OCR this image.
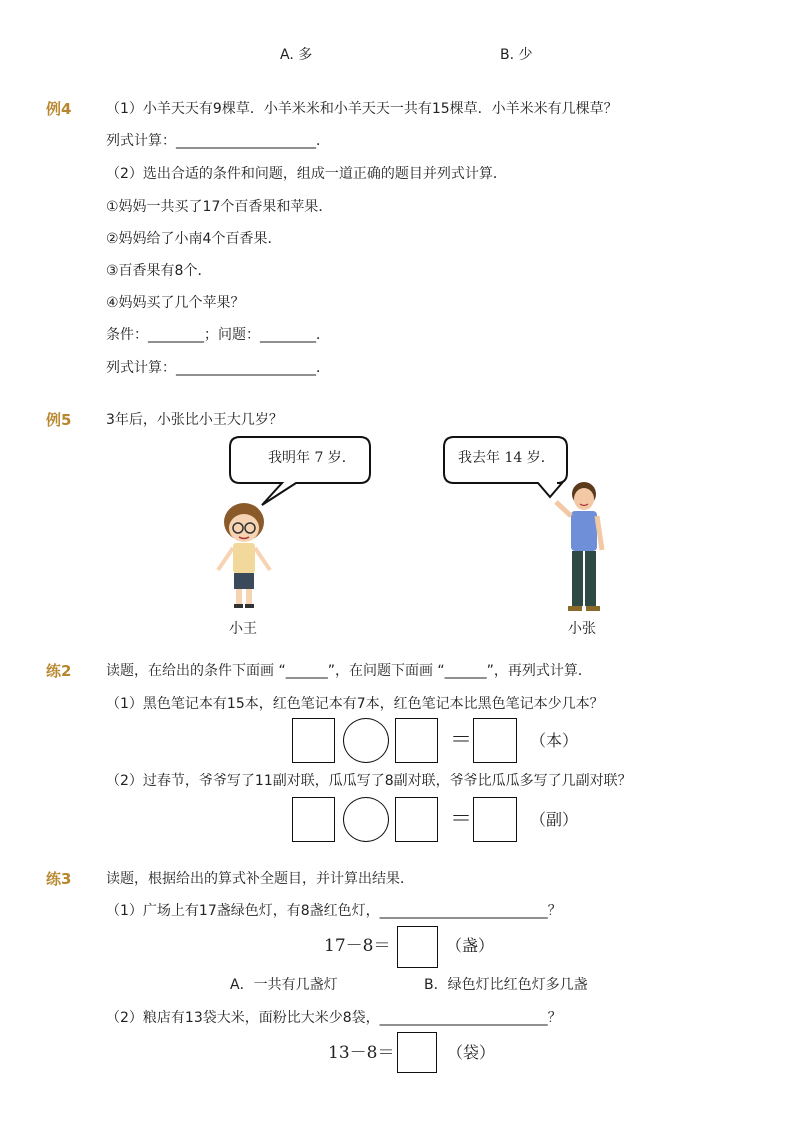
A. 多	B. 少
例4 （1）小羊天天有9棵草．小羊米米和小羊天天一共有15棵草．小羊米米有几棵草？
列式计算：____________________．
（2）选出合适的条件和问题，组成一道正确的题目并列式计算．
①妈妈一共买了17个百香果和苹果．
②妈妈给了小南4个百香果．
③百香果有8个．
④妈妈买了几个苹果？
条件：________；问题：________．
列式计算：____________________．
例5 3年后，小张比小王大几岁？
我明年 7 岁．	我去年 14 岁．
小王	小张
练2 读题，在给出的条件下面画 “______”，在问题下面画 “______”，再列式计算．
（1）黑色笔记本有15本，红色笔记本有7本，红色笔记本比黑色笔记本少几本？
＝	（本）
（2）过春节，爷爷写了11副对联，瓜瓜写了8副对联，爷爷比瓜瓜多写了几副对联？
＝	（副）
练3 读题，根据给出的算式补全题目，并计算出结果．
（1）广场上有17盏绿色灯，有8盏红色灯，________________________？
17－8＝	（盏）
A．一共有几盏灯	B．绿色灯比红色灯多几盏
（2）粮店有13袋大米，面粉比大米少8袋，________________________？
13－8＝	（袋）
